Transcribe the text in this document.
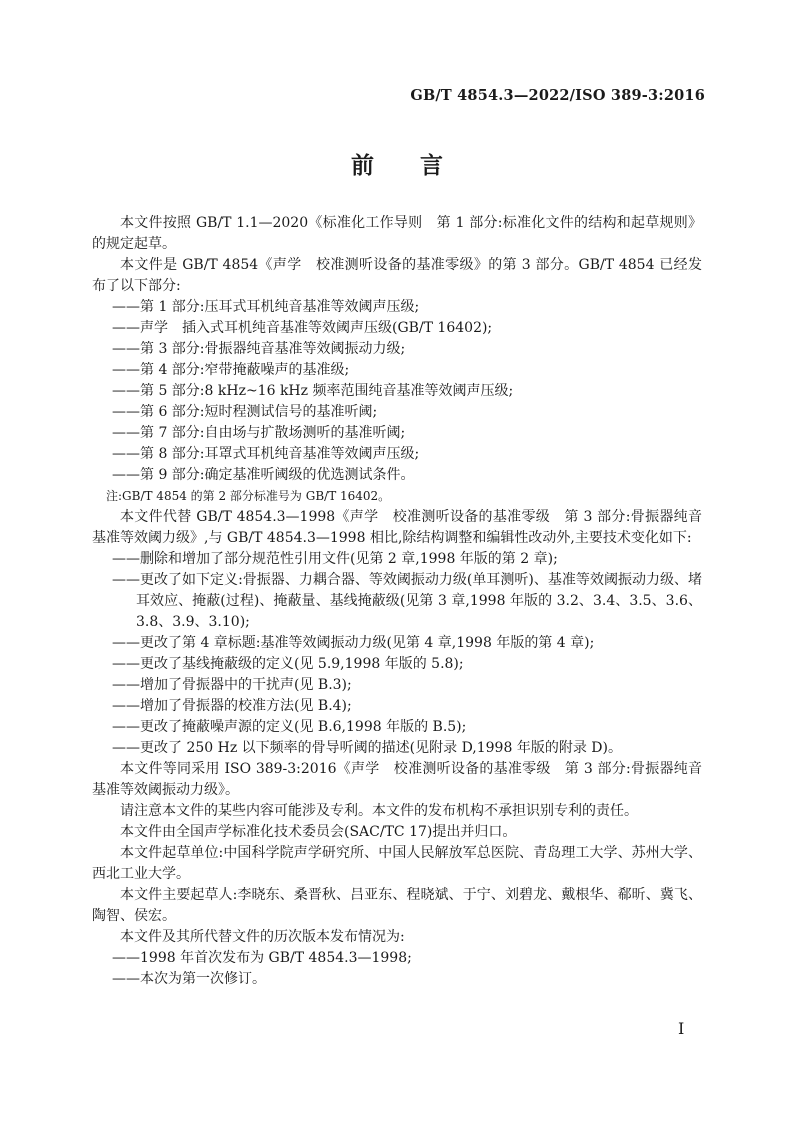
GB/T 4854.3—2022/ISO 389-3:2016
前　　言

本文件按照 GB/T 1.1—2020《标准化工作导则　第 1 部分:标准化文件的结构和起草规则》的规定起草。

本文件是 GB/T 4854《声学　校准测听设备的基准零级》的第 3 部分。GB/T 4854 已经发布了以下部分:

——第 1 部分:压耳式耳机纯音基准等效阈声压级;

——声学　插入式耳机纯音基准等效阈声压级(GB/T 16402);

——第 3 部分:骨振器纯音基准等效阈振动力级;

——第 4 部分:窄带掩蔽噪声的基准级;

——第 5 部分:8 kHz~16 kHz 频率范围纯音基准等效阈声压级;

——第 6 部分:短时程测试信号的基准听阈;

——第 7 部分:自由场与扩散场测听的基准听阈;

——第 8 部分:耳罩式耳机纯音基准等效阈声压级;

——第 9 部分:确定基准听阈级的优选测试条件。

注:GB/T 4854 的第 2 部分标准号为 GB/T 16402。

本文件代替 GB/T 4854.3—1998《声学　校准测听设备的基准零级　第 3 部分:骨振器纯音基准等效阈力级》,与 GB/T 4854.3—1998 相比,除结构调整和编辑性改动外,主要技术变化如下:

——删除和增加了部分规范性引用文件(见第 2 章,1998 年版的第 2 章);

——更改了如下定义:骨振器、力耦合器、等效阈振动力级(单耳测听)、基准等效阈振动力级、堵耳效应、掩蔽(过程)、掩蔽量、基线掩蔽级(见第 3 章,1998 年版的 3.2、3.4、3.5、3.6、3.8、3.9、3.10);

——更改了第 4 章标题:基准等效阈振动力级(见第 4 章,1998 年版的第 4 章);

——更改了基线掩蔽级的定义(见 5.9,1998 年版的 5.8);

——增加了骨振器中的干扰声(见 B.3);

——增加了骨振器的校准方法(见 B.4);

——更改了掩蔽噪声源的定义(见 B.6,1998 年版的 B.5);

——更改了 250 Hz 以下频率的骨导听阈的描述(见附录 D,1998 年版的附录 D)。

本文件等同采用 ISO 389-3:2016《声学　校准测听设备的基准零级　第 3 部分:骨振器纯音基准等效阈振动力级》。

请注意本文件的某些内容可能涉及专利。本文件的发布机构不承担识别专利的责任。

本文件由全国声学标准化技术委员会(SAC/TC 17)提出并归口。

本文件起草单位:中国科学院声学研究所、中国人民解放军总医院、青岛理工大学、苏州大学、西北工业大学。

本文件主要起草人:李晓东、桑晋秋、吕亚东、程晓斌、于宁、刘碧龙、戴根华、郗昕、冀飞、陶智、侯宏。

本文件及其所代替文件的历次版本发布情况为:

——1998 年首次发布为 GB/T 4854.3—1998;

——本次为第一次修订。

I
